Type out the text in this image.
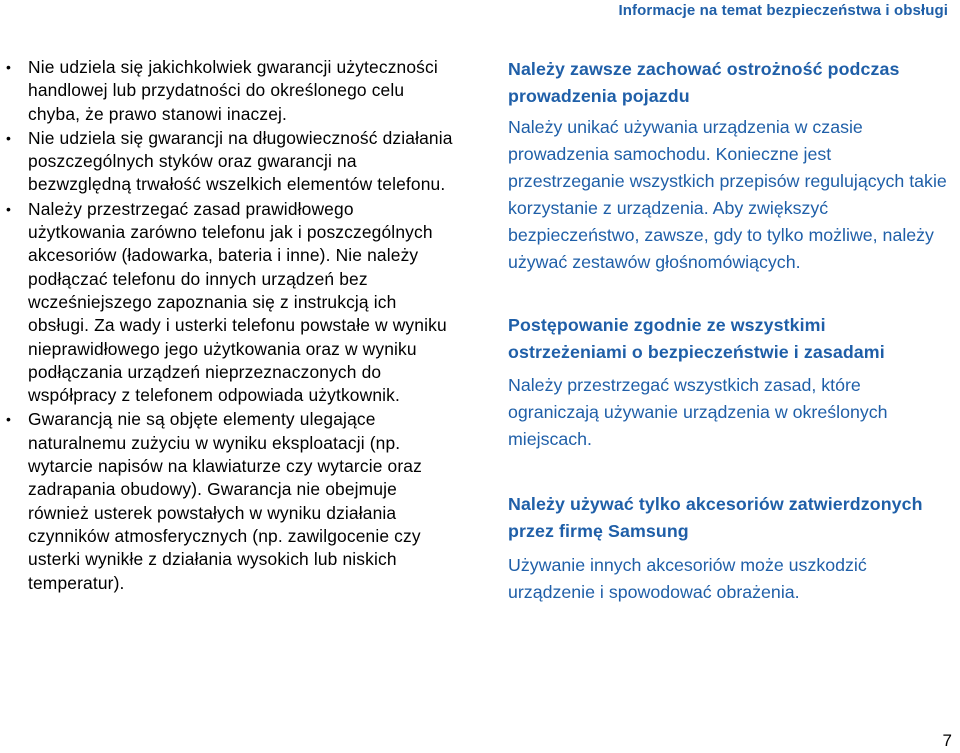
Informacje na temat bezpieczeństwa i obsługi
• Nie udziela się jakichkolwiek gwarancji użyteczności handlowej lub przydatności do określonego celu chyba, że prawo stanowi inaczej.
• Nie udziela się gwarancji na długowieczność działania poszczególnych styków oraz gwarancji na bezwzględną trwałość wszelkich elementów telefonu.
• Należy przestrzegać zasad prawidłowego użytkowania zarówno telefonu jak i poszczególnych akcesoriów (ładowarka, bateria i inne). Nie należy podłączać telefonu do innych urządzeń bez wcześniejszego zapoznania się z instrukcją ich obsługi. Za wady i usterki telefonu powstałe w wyniku nieprawidłowego jego użytkowania oraz w wyniku podłączania urządzeń nieprzeznaczonych do współpracy z telefonem odpowiada użytkownik.
• Gwarancją nie są objęte elementy ulegające naturalnemu zużyciu w wyniku eksploatacji (np. wytarcie napisów na klawiaturze czy wytarcie oraz zadrapania obudowy). Gwarancja nie obejmuje również usterek powstałych w wyniku działania czynników atmosferycznych (np. zawilgocenie czy usterki wynikłe z działania wysokich lub niskich temperatur).
Należy zawsze zachować ostrożność podczas prowadzenia pojazdu

Należy unikać używania urządzenia w czasie prowadzenia samochodu. Konieczne jest przestrzeganie wszystkich przepisów regulujących takie korzystanie z urządzenia. Aby zwiększyć bezpieczeństwo, zawsze, gdy to tylko możliwe, należy używać zestawów głośnomówiących.

Postępowanie zgodnie ze wszystkimi ostrzeżeniami o bezpieczeństwie i zasadami

Należy przestrzegać wszystkich zasad, które ograniczają używanie urządzenia w określonych miejscach.

Należy używać tylko akcesoriów zatwierdzonych przez firmę Samsung

Używanie innych akcesoriów może uszkodzić urządzenie i spowodować obrażenia.

7
